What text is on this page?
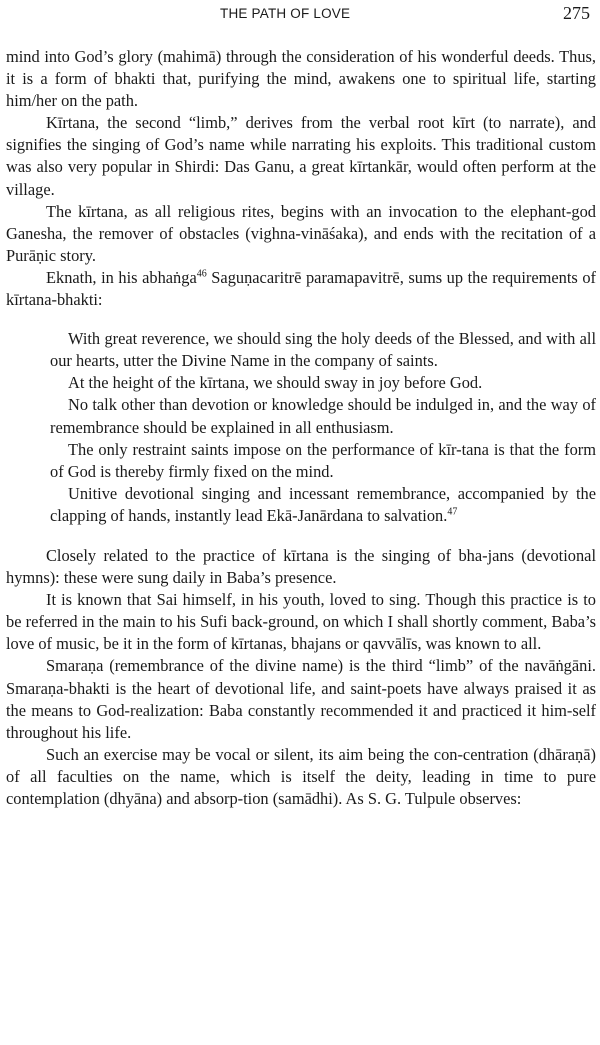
THE PATH OF LOVE	275

mind into God’s glory (mahimā) through the consideration of his wonderful deeds. Thus, it is a form of bhakti that, purifying the mind, awakens one to spiritual life, starting him/her on the path.

Kīrtana, the second “limb,” derives from the verbal root kīrt (to narrate), and signifies the singing of God’s name while narrating his exploits. This traditional custom was also very popular in Shirdi: Das Ganu, a great kīrtankār, would often perform at the village.

The kīrtana, as all religious rites, begins with an invocation to the elephant-god Ganesha, the remover of obstacles (vighna-vināśaka), and ends with the recitation of a Purāṇic story.

Eknath, in his abhaṅga$^{46}$ Saguṇacaritrē paramapavitrē, sums up the requirements of kīrtana-bhakti:

With great reverence, we should sing the holy deeds of the Blessed, and with all our hearts, utter the Divine Name in the company of saints.

At the height of the kīrtana, we should sway in joy before God.

No talk other than devotion or knowledge should be indulged in, and the way of remembrance should be explained in all enthusiasm.

The only restraint saints impose on the performance of kīr-tana is that the form of God is thereby firmly fixed on the mind.

Unitive devotional singing and incessant remembrance, accompanied by the clapping of hands, instantly lead Ekā-Janārdana to salvation.$^{47}$

Closely related to the practice of kīrtana is the singing of bha-jans (devotional hymns): these were sung daily in Baba’s presence.

It is known that Sai himself, in his youth, loved to sing. Though this practice is to be referred in the main to his Sufi back-ground, on which I shall shortly comment, Baba’s love of music, be it in the form of kīrtanas, bhajans or qavvālīs, was known to all.

Smaraṇa (remembrance of the divine name) is the third “limb” of the navāṅgāni. Smaraṇa-bhakti is the heart of devotional life, and saint-poets have always praised it as the means to God-realization: Baba constantly recommended it and practiced it him-self throughout his life.

Such an exercise may be vocal or silent, its aim being the con-centration (dhāraṇā) of all faculties on the name, which is itself the deity, leading in time to pure contemplation (dhyāna) and absorp-tion (samādhi). As S. G. Tulpule observes:
